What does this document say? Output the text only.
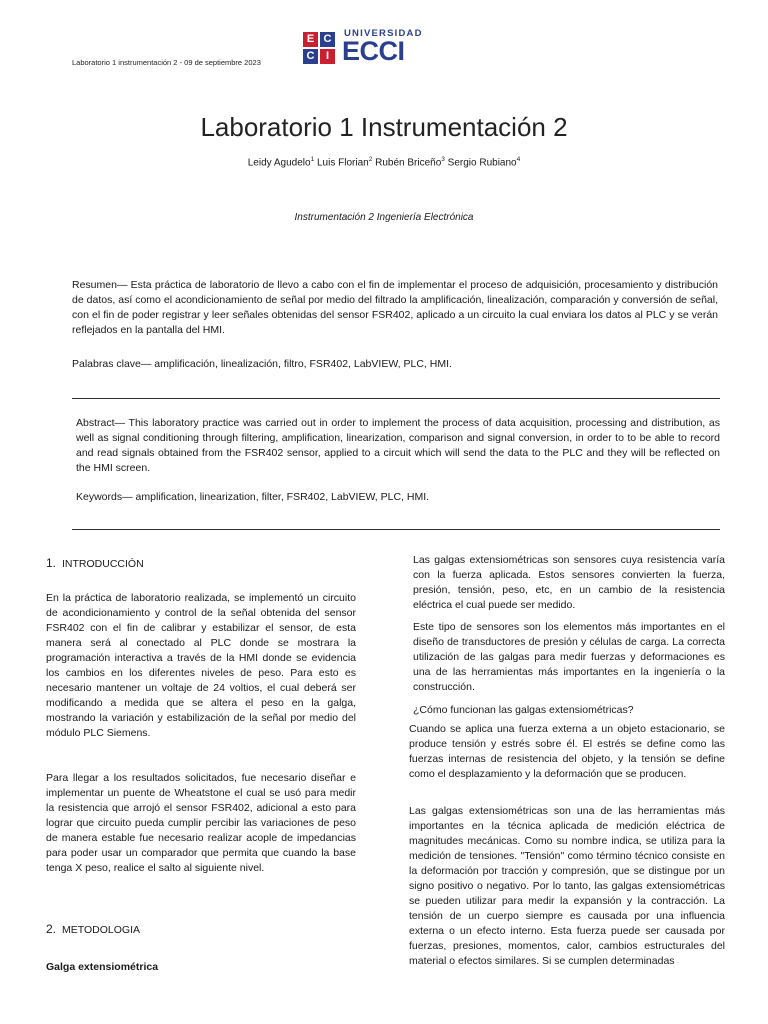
Laboratorio 1 instrumentación 2 - 09 de septiembre 2023
E C
C	I
UNIVERSIDAD
ECCI
Laboratorio 1 Instrumentación 2
Leidy Agudelo$^1$ Luis Florian$^2$ Rubén Briceño$^3$ Sergio Rubiano$^4$
Instrumentación 2 Ingeniería Electrónica
Resumen— Esta práctica de laboratorio de llevo a cabo con el fin de implementar el proceso de adquisición, procesamiento y distribución de datos, así como el acondicionamiento de señal por medio del filtrado la amplificación, linealización, comparación y conversión de señal, con el fin de poder registrar y leer señales obtenidas del sensor FSR402, aplicado a un circuito la cual enviara los datos al PLC y se verán reflejados en la pantalla del HMI.
Palabras clave— amplificación, linealización, filtro, FSR402, LabVIEW, PLC, HMI.
Abstract— This laboratory practice was carried out in order to implement the process of data acquisition, processing and distribution, as well as signal conditioning through filtering, amplification, linearization, comparison and signal conversion, in order to to be able to record and read signals obtained from the FSR402 sensor, applied to a circuit which will send the data to the PLC and they will be reflected on the HMI screen.
Keywords— amplification, linearization, filter, FSR402, LabVIEW, PLC, HMI.
1. INTRODUCCIÓN
En la práctica de laboratorio realizada, se implementó un circuito de acondicionamiento y control de la señal obtenida del sensor FSR402 con el fin de calibrar y estabilizar el sensor, de esta manera será al conectado al PLC donde se mostrara la programación interactiva a través de la HMI donde se evidencia los cambios en los diferentes niveles de peso. Para esto es necesario mantener un voltaje de 24 voltios, el cual deberá ser modificando a medida que se altera el peso en la galga, mostrando la variación y estabilización de la señal por medio del módulo PLC Siemens.
Para llegar a los resultados solicitados, fue necesario diseñar e implementar un puente de Wheatstone el cual se usó para medir la resistencia que arrojó el sensor FSR402, adicional a esto para lograr que circuito pueda cumplir percibir las variaciones de peso de manera estable fue necesario realizar acople de impedancias para poder usar un comparador que permita que cuando la base tenga X peso, realice el salto al siguiente nivel.
2. METODOLOGIA
Galga extensiométrica
Las galgas extensiométricas son sensores cuya resistencia varía con la fuerza aplicada. Estos sensores convierten la fuerza, presión, tensión, peso, etc, en un cambio de la resistencia eléctrica el cual puede ser medido.
Este tipo de sensores son los elementos más importantes en el diseño de transductores de presión y células de carga. La correcta utilización de las galgas para medir fuerzas y deformaciones es una de las herramientas más importantes en la ingeniería o la construcción.
¿Cómo funcionan las galgas extensiométricas?
Cuando se aplica una fuerza externa a un objeto estacionario, se produce tensión y estrés sobre él. El estrés se define como las fuerzas internas de resistencia del objeto, y la tensión se define como el desplazamiento y la deformación que se producen.
Las galgas extensiométricas son una de las herramientas más importantes en la técnica aplicada de medición eléctrica de magnitudes mecánicas. Como su nombre indica, se utiliza para la medición de tensiones. "Tensión" como término técnico consiste en la deformación por tracción y compresión, que se distingue por un signo positivo o negativo. Por lo tanto, las galgas extensiométricas se pueden utilizar para medir la expansión y la contracción. La tensión de un cuerpo siempre es causada por una influencia externa o un efecto interno. Esta fuerza puede ser causada por fuerzas, presiones, momentos, calor, cambios estructurales del material o efectos similares. Si se cumplen determinadas
